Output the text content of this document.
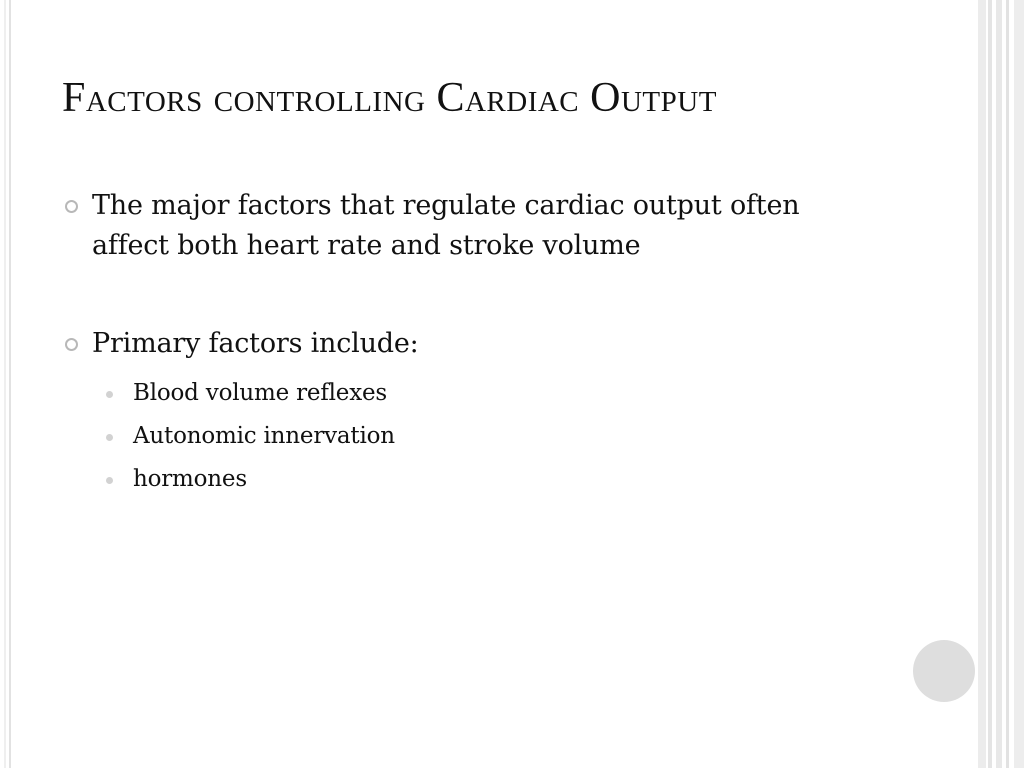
Factors controlling Cardiac Output
The major factors that regulate cardiac output often affect both heart rate and stroke volume
Primary factors include:
Blood volume reflexes
Autonomic innervation
hormones
